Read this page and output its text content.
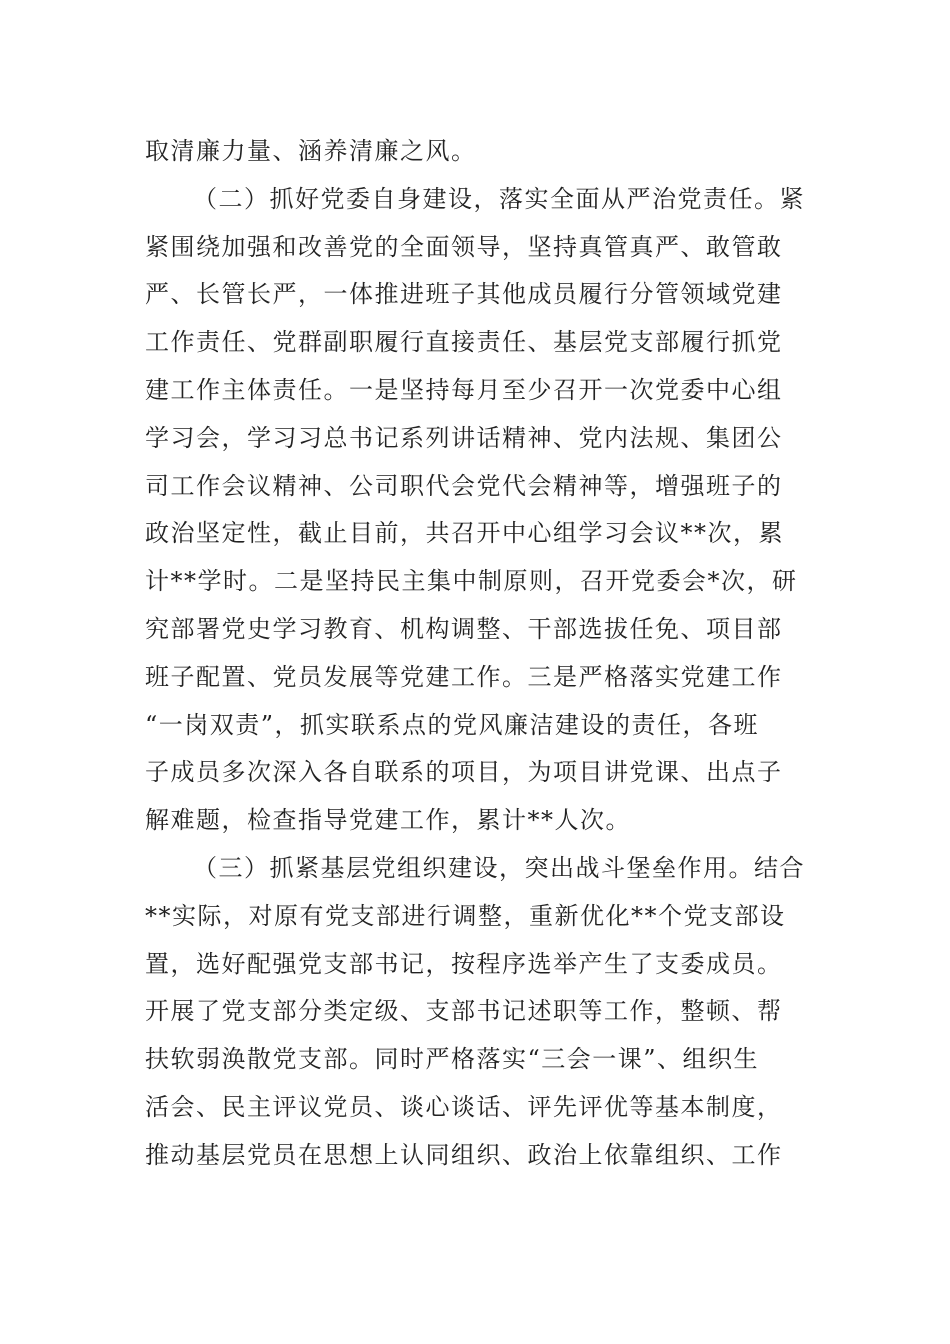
取清廉力量、涵养清廉之风。
（二）抓好党委自身建设，落实全面从严治党责任。紧
紧围绕加强和改善党的全面领导，坚持真管真严、敢管敢
严、长管长严，一体推进班子其他成员履行分管领域党建
工作责任、党群副职履行直接责任、基层党支部履行抓党
建工作主体责任。一是坚持每月至少召开一次党委中心组
学习会，学习习总书记系列讲话精神、党内法规、集团公
司工作会议精神、公司职代会党代会精神等，增强班子的
政治坚定性，截止目前，共召开中心组学习会议**次，累
计**学时。二是坚持民主集中制原则，召开党委会*次，研
究部署党史学习教育、机构调整、干部选拔任免、项目部
班子配置、党员发展等党建工作。三是严格落实党建工作
“一岗双责”，抓实联系点的党风廉洁建设的责任，各班
子成员多次深入各自联系的项目，为项目讲党课、出点子
解难题，检查指导党建工作，累计**人次。
（三）抓紧基层党组织建设，突出战斗堡垒作用。结合
**实际，对原有党支部进行调整，重新优化**个党支部设
置，选好配强党支部书记，按程序选举产生了支委成员。
开展了党支部分类定级、支部书记述职等工作，整顿、帮
扶软弱涣散党支部。同时严格落实“三会一课”、组织生
活会、民主评议党员、谈心谈话、评先评优等基本制度，
推动基层党员在思想上认同组织、政治上依靠组织、工作
